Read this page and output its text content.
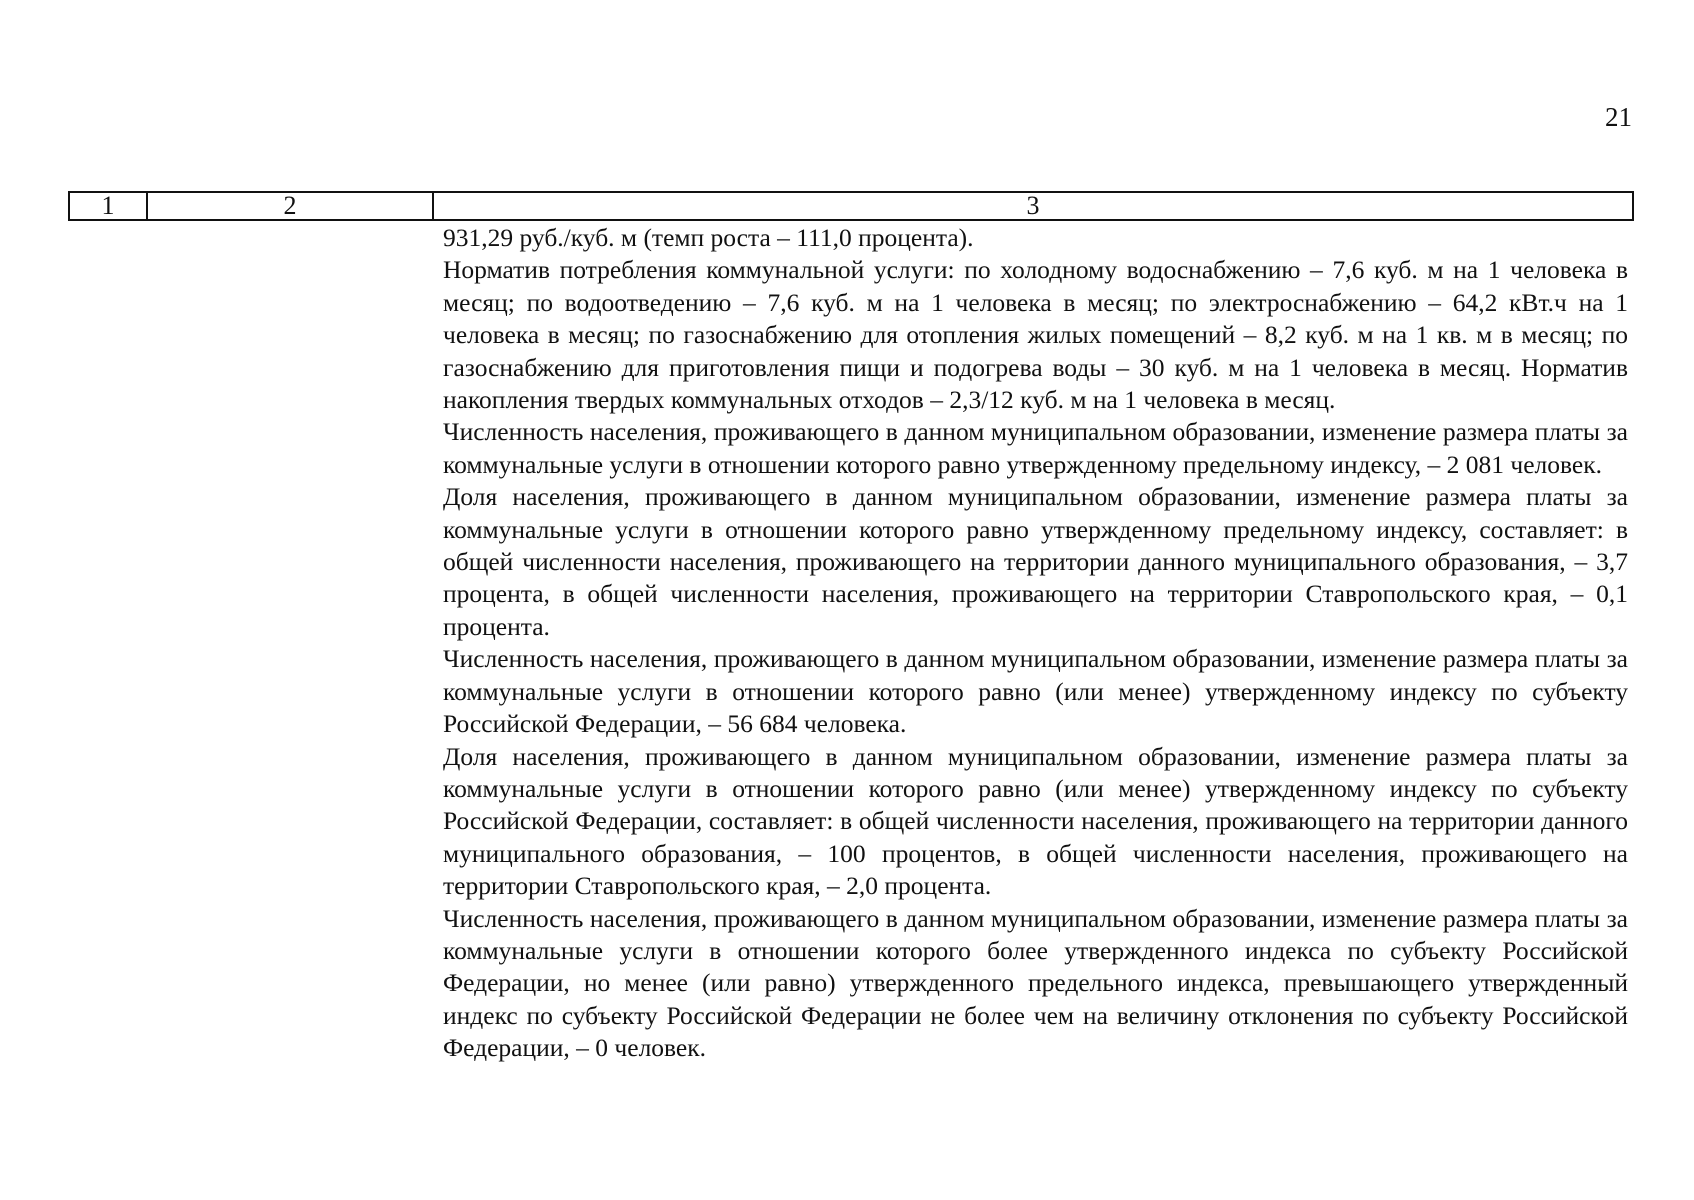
21
1	2	3

931,29 руб./куб. м (темп роста – 111,0 процента).

Норматив потребления коммунальной услуги: по холодному водоснабжению – 7,6 куб. м на 1 человека в месяц; по водоотведению – 7,6 куб. м на 1 человека в месяц; по электроснабжению – 64,2 кВт.ч на 1 человека в месяц; по газоснабжению для отопления жилых помещений – 8,2 куб. м на 1 кв. м в месяц; по газоснабжению для приготовления пищи и подогрева воды – 30 куб. м на 1 человека в месяц. Норматив накопления твердых коммунальных отходов – 2,3/12 куб. м на 1 человека в месяц.

Численность населения, проживающего в данном муниципальном образовании, изменение размера платы за коммунальные услуги в отношении которого равно утвержденному предельному индексу, – 2 081 человек.

Доля населения, проживающего в данном муниципальном образовании, изменение размера платы за коммунальные услуги в отношении которого равно утвержденному предельному индексу, составляет: в общей численности населения, проживающего на территории данного муниципального образования, – 3,7 процента, в общей численности населения, проживающего на территории Ставропольского края, – 0,1 процента.

Численность населения, проживающего в данном муниципальном образовании, изменение размера платы за коммунальные услуги в отношении которого равно (или менее) утвержденному индексу по субъекту Российской Федерации, – 56 684 человека.

Доля населения, проживающего в данном муниципальном образовании, изменение размера платы за коммунальные услуги в отношении которого равно (или менее) утвержденному индексу по субъекту Российской Федерации, составляет: в общей численности населения, проживающего на территории данного муниципального образования, – 100 процентов, в общей численности населения, проживающего на территории Ставропольского края, – 2,0 процента.

Численность населения, проживающего в данном муниципальном образовании, изменение размера платы за коммунальные услуги в отношении которого более утвержденного индекса по субъекту Российской Федерации, но менее (или равно) утвержденного предельного индекса, превышающего утвержденный индекс по субъекту Российской Федерации не более чем на величину отклонения по субъекту Российской Федерации, – 0 человек.
